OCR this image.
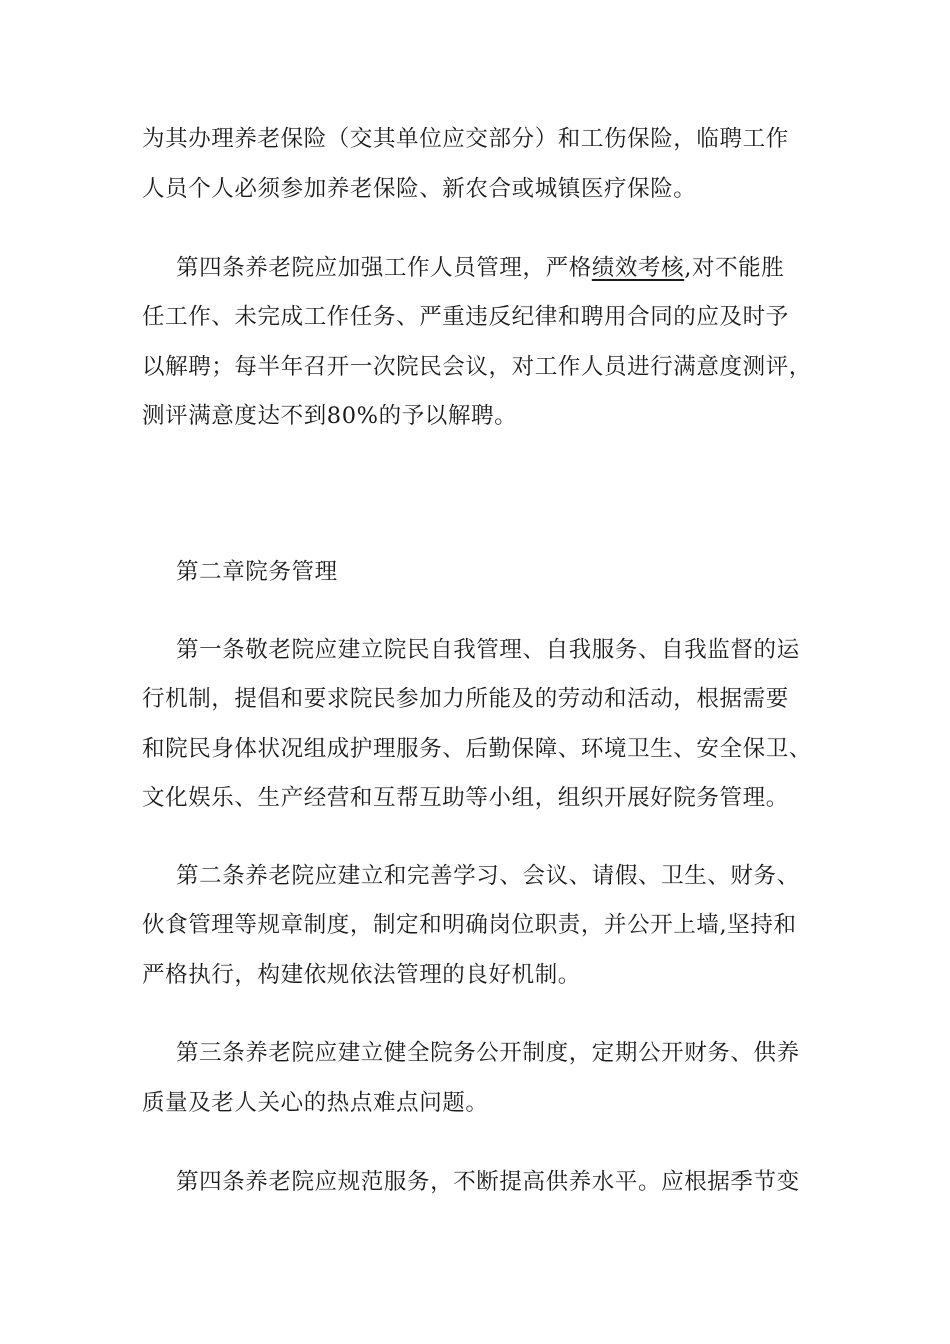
为其办理养老保险（交其单位应交部分）和工伤保险，临聘工作
人员个人必须参加养老保险、新农合或城镇医疗保险。
第四条养老院应加强工作人员管理，严格绩效考核,对不能胜
任工作、未完成工作任务、严重违反纪律和聘用合同的应及时予
以解聘；每半年召开一次院民会议，对工作人员进行满意度测评，
测评满意度达不到80%的予以解聘。
第二章院务管理
第一条敬老院应建立院民自我管理、自我服务、自我监督的运
行机制，提倡和要求院民参加力所能及的劳动和活动，根据需要
和院民身体状况组成护理服务、后勤保障、环境卫生、安全保卫、
文化娱乐、生产经营和互帮互助等小组，组织开展好院务管理。
第二条养老院应建立和完善学习、会议、请假、卫生、财务、
伙食管理等规章制度，制定和明确岗位职责，并公开上墙,坚持和
严格执行，构建依规依法管理的良好机制。
第三条养老院应建立健全院务公开制度，定期公开财务、供养
质量及老人关心的热点难点问题。
第四条养老院应规范服务，不断提高供养水平。应根据季节变
